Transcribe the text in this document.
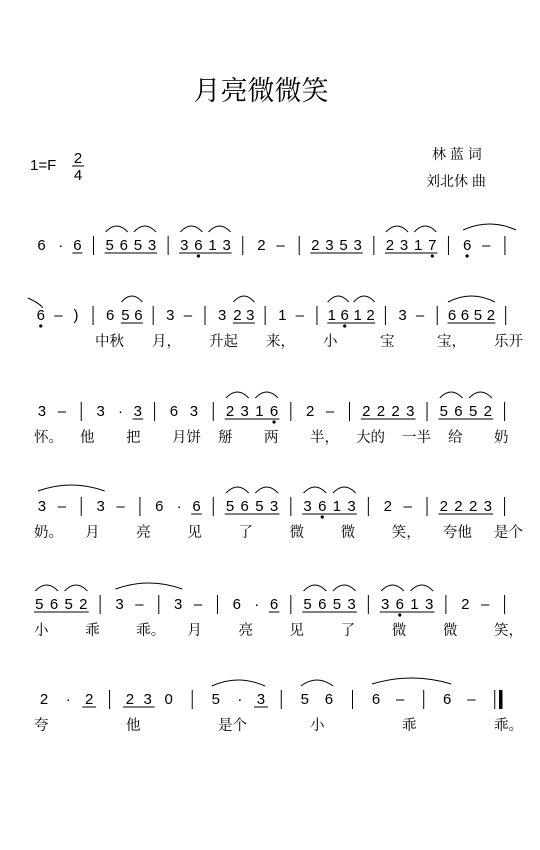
月亮微微笑
1=F 2
4
林 蓝 词
刘北休 曲
6 · 6 5 6 5 3 3 6 1 3 2 – 2 3 5 3 2 3 1 7 6 –
6 – ) 6 5 6 3 – 3 2 3 1 – 1 6 1 2 3 – 6 6 5 2
中秋 月， 升起 来， 小	宝	宝， 乐开
3 – 3 · 3 6 3 2 3 1 6 2 – 2 2 2 3 5 6 5 2
怀。 他 把 月饼 掰 两 半， 大的 一半 给 奶
3 – 3 – 6 · 6 5 6 5 3 3 6 1 3 2 – 2 2 2 3
奶。 月	亮	见	了	微	微	笑， 夸他 是个
5 6 5 2 3 – 3 – 6 · 6 5 6 5 3 3 6 1 3 2 –
小	乖	乖。 月	亮	见	了	微	微	笑，
2 · 2 2 3 0	5 · 3 5 6	6 –	6 –
夸	他	是个	小	乖	乖。
